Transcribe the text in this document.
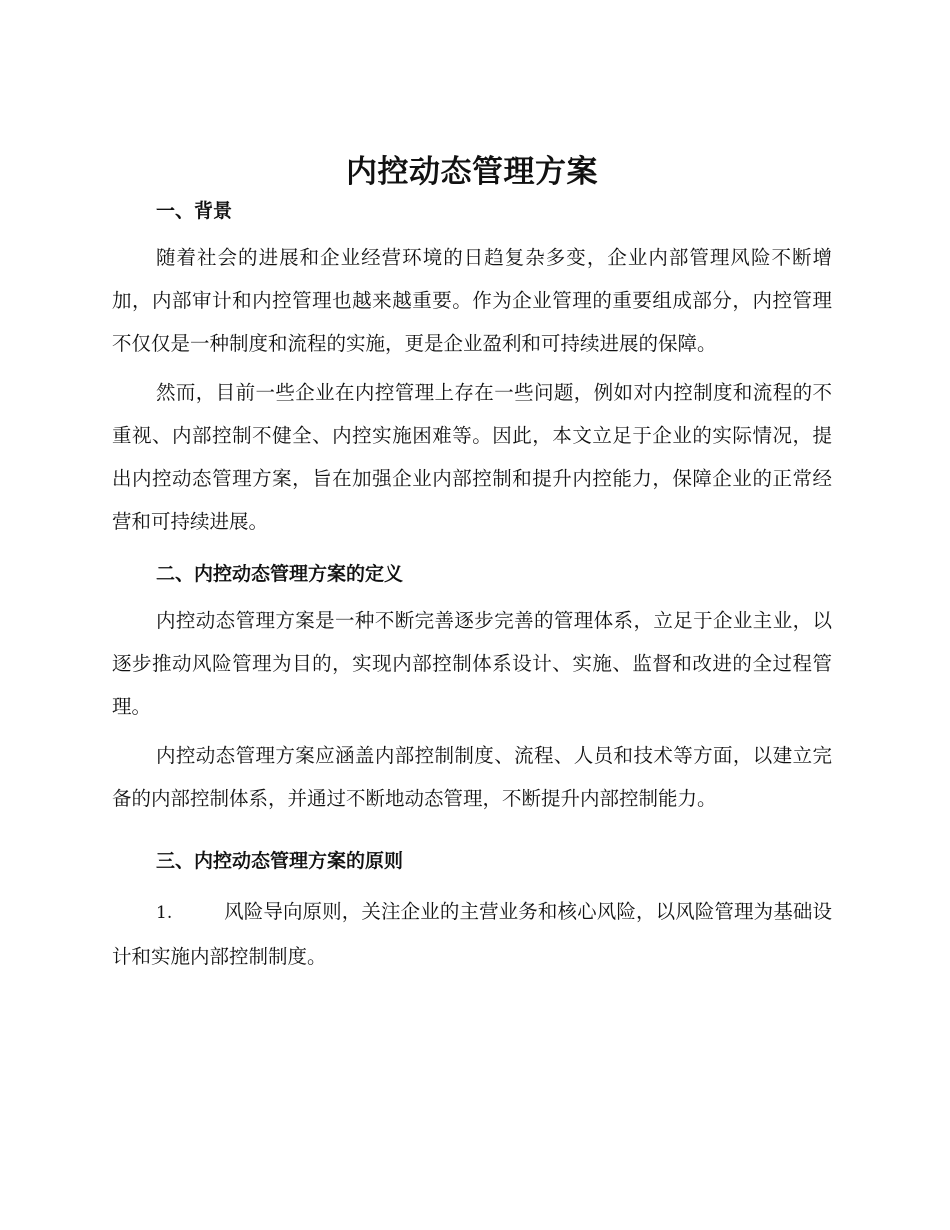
内控动态管理方案
一、背景

随着社会的进展和企业经营环境的日趋复杂多变，企业内部管理风险不断增加，内部审计和内控管理也越来越重要。作为企业管理的重要组成部分，内控管理不仅仅是一种制度和流程的实施，更是企业盈利和可持续进展的保障。

然而，目前一些企业在内控管理上存在一些问题，例如对内控制度和流程的不重视、内部控制不健全、内控实施困难等。因此，本文立足于企业的实际情况，提出内控动态管理方案，旨在加强企业内部控制和提升内控能力，保障企业的正常经营和可持续进展。

二、内控动态管理方案的定义

内控动态管理方案是一种不断完善逐步完善的管理体系，立足于企业主业，以逐步推动风险管理为目的，实现内部控制体系设计、实施、监督和改进的全过程管理。

内控动态管理方案应涵盖内部控制制度、流程、人员和技术等方面，以建立完备的内部控制体系，并通过不断地动态管理，不断提升内部控制能力。

三、内控动态管理方案的原则

1.	风险导向原则，关注企业的主营业务和核心风险，以风险管理为基础设计和实施内部控制制度。
